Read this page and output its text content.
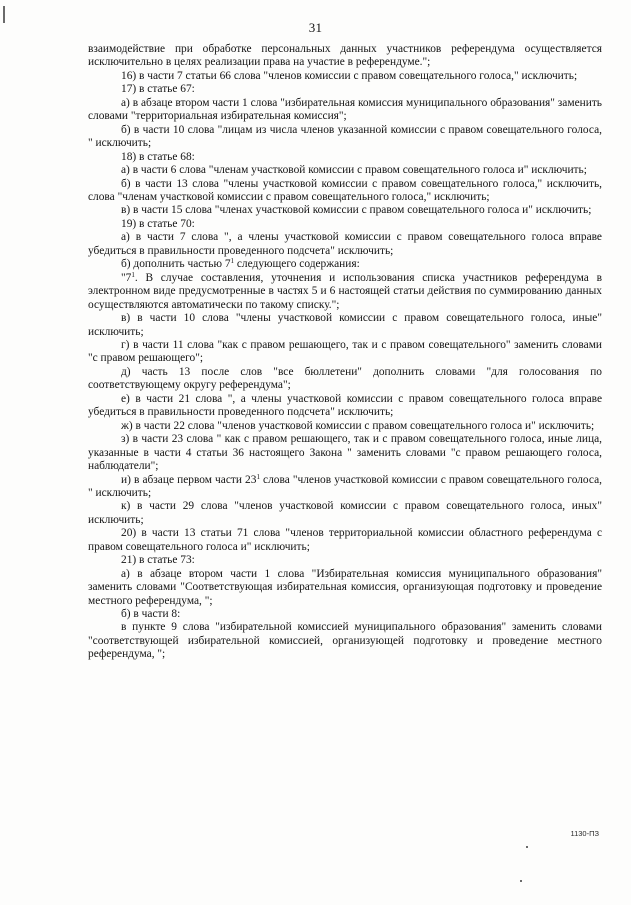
31

взаимодействие при обработке персональных данных участников референдума осуществляется исключительно в целях реализации права на участие в референдуме.";

16) в части 7 статьи 66 слова "членов комиссии с правом совещательного голоса," исключить;

17) в статье 67:

а) в абзаце втором части 1 слова "избирательная комиссия муниципального образования" заменить словами "территориальная избирательная комиссия";

б) в части 10 слова "лицам из числа членов указанной комиссии с правом совещательного голоса, " исключить;

18) в статье 68:

а) в части 6 слова "членам участковой комиссии с правом совещательного голоса и" исключить;

б) в части 13 слова "члены участковой комиссии с правом совещательного голоса," исключить, слова "членам участковой комиссии с правом совещательного голоса," исключить;

в) в части 15 слова "членах участковой комиссии с правом совещательного голоса и" исключить;

19) в статье 70:

а) в части 7 слова ", а члены участковой комиссии с правом совещательного голоса вправе убедиться в правильности проведенного подсчета" исключить;

б) дополнить частью $7^1$ следующего содержания:

"$7^1$. В случае составления, уточнения и использования списка участников референдума в электронном виде предусмотренные в частях 5 и 6 настоящей статьи действия по суммированию данных осуществляются автоматически по такому списку.";

в) в части 10 слова "члены участковой комиссии с правом совещательного голоса, иные" исключить;

г) в части 11 слова "как с правом решающего, так и с правом совещательного" заменить словами "с правом решающего";

д) часть 13 после слов "все бюллетени" дополнить словами "для голосования по соответствующему округу референдума";

е) в части 21 слова ", а члены участковой комиссии с правом совещательного голоса вправе убедиться в правильности проведенного подсчета" исключить;

ж) в части 22 слова "членов участковой комиссии с правом совещательного голоса и" исключить;

з) в части 23 слова " как с правом решающего, так и с правом совещательного голоса, иные лица, указанные в части 4 статьи 36 настоящего Закона " заменить словами "с правом решающего голоса, наблюдатели";

и) в абзаце первом части $23^1$ слова "членов участковой комиссии с правом совещательного голоса, " исключить;

к) в части 29 слова "членов участковой комиссии с правом совещательного голоса, иных" исключить;

20) в части 13 статьи 71 слова "членов территориальной комиссии областного референдума с правом совещательного голоса и" исключить;

21) в статье 73:

а) в абзаце втором части 1 слова "Избирательная комиссия муниципального образования" заменить словами "Соответствующая избирательная комиссия, организующая подготовку и проведение местного референдума, ";

б) в части 8:

в пункте 9 слова "избирательной комиссией муниципального образования" заменить словами "соответствующей избирательной комиссией, организующей подготовку и проведение местного референдума, ";

1130-ПЗ
